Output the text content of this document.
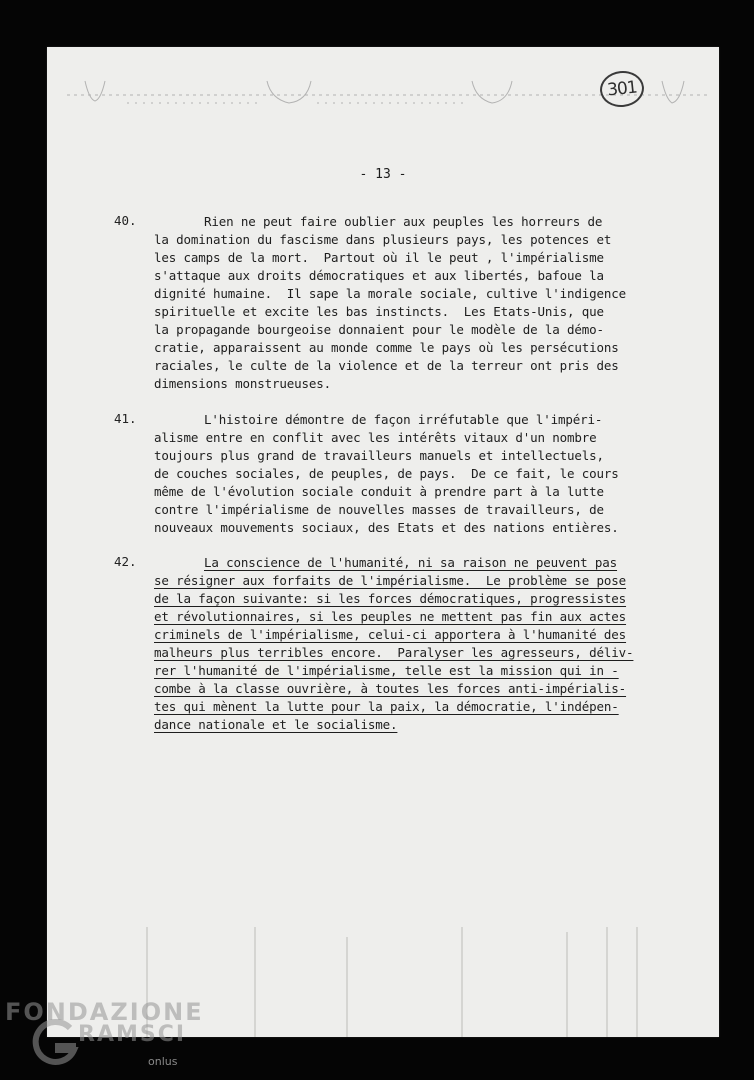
301
- 13 -
40.	Rien ne peut faire oublier aux peuples les horreurs de
la domination du fascisme dans plusieurs pays, les potences et
les camps de la mort.  Partout où il le peut , l'impérialisme
s'attaque aux droits démocratiques et aux libertés, bafoue la
dignité humaine.  Il sape la morale sociale, cultive l'indigence
spirituelle et excite les bas instincts.  Les Etats-Unis, que
la propagande bourgeoise donnaient pour le modèle de la démo-
cratie, apparaissent au monde comme le pays où les persécutions
raciales, le culte de la violence et de la terreur ont pris des
dimensions monstrueuses.
41.	L'histoire démontre de façon irréfutable que l'impéri-
alisme entre en conflit avec les intérêts vitaux d'un nombre
toujours plus grand de travailleurs manuels et intellectuels,
de couches sociales, de peuples, de pays.  De ce fait, le cours
même de l'évolution sociale conduit à prendre part à la lutte
contre l'impérialisme de nouvelles masses de travailleurs, de
nouveaux mouvements sociaux, des Etats et des nations entières.
42.	La conscience de l'humanité, ni sa raison ne peuvent pas
se résigner aux forfaits de l'impérialisme.  Le problème se pose
de la façon suivante: si les forces démocratiques, progressistes
et révolutionnaires, si les peuples ne mettent pas fin aux actes
criminels de l'impérialisme, celui-ci apportera à l'humanité des
malheurs plus terribles encore.  Paralyser les agresseurs, déliv-
rer l'humanité de l'impérialisme, telle est la mission qui in -
combe à la classe ouvrière, à toutes les forces anti-impérialis-
tes qui mènent la lutte pour la paix, la démocratie, l'indépen-
dance nationale et le socialisme.
FONDAZIONE
RAMSCI
onlus
